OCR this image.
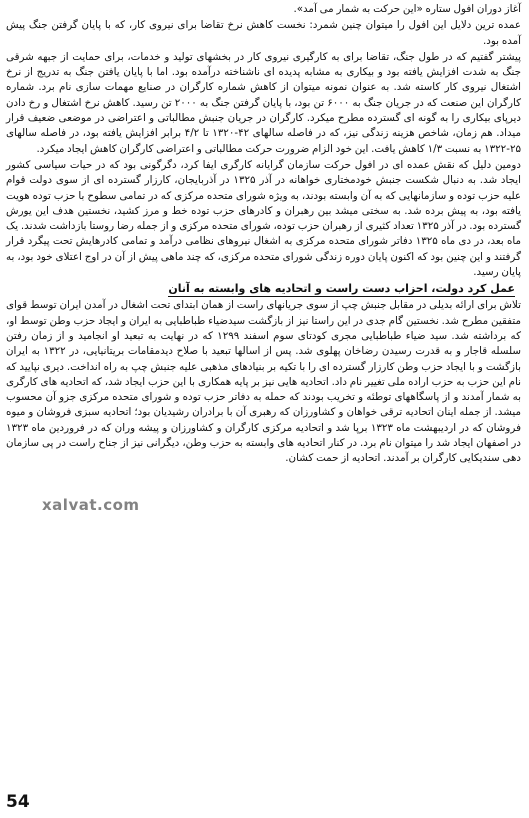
آغاز دوران افول ستاره «این حرکت به شمار می آمد».

عمده ترین دلایل این افول را میتوان چنین شمرد: نخست کاهش نرخ تقاضا برای نیروی کار، که با پایان گرفتن جنگ پیش آمده بود.

پیشتر گفتیم که در طول جنگ، تقاضا برای به کارگیری نیروی کار در بخشهای تولید و خدمات، برای حمایت از جبهه شرقی جنگ به شدت افزایش یافته بود و بیکاری به مشابه پدیده ای ناشناخته درآمده بود. اما با پایان یافتن جنگ به تدریج از نرخ اشتغال نیروی کار کاسته شد. به عنوان نمونه میتوان از کاهش شماره کارگران در صنایع مهمات سازی نام برد. شماره کارگران این صنعت که در جریان جنگ به ۶۰۰۰ تن بود، با پایان گرفتن جنگ به ۲۰۰۰ تن رسید. کاهش نرخ اشتغال و رخ دادن دیرپای بیکاری را به گونه ای گسترده مطرح میکرد. کارگران در جریان جنبش مطالباتی و اعتراضی در موضعی ضعیف قرار میداد. هم زمان، شاخص هزینه زندگی نیز، که در فاصله سالهای ۴۲-۱۳۲۰ تا ۴/۲ برابر افزایش یافته بود، در فاصله سالهای ۲۵-۱۳۲۲ به نسبت ۱/۳ کاهش یافت. این خود الزام ضرورت حرکت مطالباتی و اعتراضی کارگران کاهش ایجاد میکرد.

دومین دلیل که نقش عمده ای در افول حرکت سازمان گرایانه کارگری ایفا کرد، دگرگونی بود که در حیات سیاسی کشور ایجاد شد. به دنبال شکست جنبش خودمختاری خواهانه در آذر ۱۳۲۵ در آذربایجان، کارزار گسترده ای از سوی دولت قوام علیه حزب توده و سازمانهایی که به آن وابسته بودند، به ویژه شورای متحده مرکزی که در تمامی سطوح با حزب توده هویت یافته بود، به پیش برده شد. به سختی میشد بین رهبران و کادرهای حزب توده خط و مرز کشید، نخستین هدف این یورش گسترده بود. در آذر ۱۳۲۵ تعداد کثیری از رهبران حزب توده، شورای متحده مرکزی و از جمله رضا روستا بازداشت شدند. یک ماه بعد، در دی ماه ۱۳۲۵ دفاتر شورای متحده مرکزی به اشغال نیروهای نظامی درآمد و تمامی کادرهایش تحت پیگرد قرار گرفتند و این چنین بود که اکنون پایان دوره زندگی شورای متحده مرکزی، که چند ماهی پیش از آن در اوج اعتلای خود بود، به پایان رسید.

عمل کرد دولت، احزاب دست راست و اتحادیه های وابسته به آنان

تلاش برای ارائه بدیلی در مقابل جنبش چپ از سوی جریانهای راست از همان ابتدای تحت اشغال در آمدن ایران توسط قوای متفقین مطرح شد. نخستین گام جدی در این راستا نیز از بازگشت سیدضیاء طباطبایی به ایران و ایجاد حزب وطن توسط او، که برداشته شد. سید ضیاء طباطبایی مجری کودتای سوم اسفند ۱۲۹۹ که در نهایت به تبعید او انجامید و از زمان رفتن سلسله قاجار و به قدرت رسیدن رضاخان پهلوی شد. پس از اسالها تبعید با صلاح دیدمقامات بریتانیایی، در ۱۳۲۲ به ایران بازگشت و با ایجاد حزب وطن کارزار گسترده ای را با تکیه بر بنیادهای مذهبی علیه جنبش چپ به راه انداخت. دیری نپایید که نام این حزب به حزب اراده ملی تغییر نام داد. اتحادیه هایی نیز بر پایه همکاری با این حزب ایجاد شد، که اتحادیه های کارگری به شمار آمدند و از پاسگاههای توطئه و تخریب بودند که حمله به دفاتر حزب توده و شورای متحده مرکزی جزو آن محسوب میشد. از جمله اینان اتحادیه ترقی خواهان و کشاورزان که رهبری آن با برادران رشیدیان بود؛ اتحادیه سبزی فروشان و میوه فروشان که در اردیبهشت ماه ۱۳۲۳ برپا شد و اتحادیه مرکزی کارگران و کشاورزان و پیشه وران که در فروردین ماه ۱۳۲۳ در اصفهان ایجاد شد را میتوان نام برد. در کنار اتحادیه های وابسته به حزب وطن، دیگرانی نیز از جناح راست در پی سازمان دهی سندیکایی کارگران بر آمدند. اتحادیه از حمت کشان.

xalvat.com
54
